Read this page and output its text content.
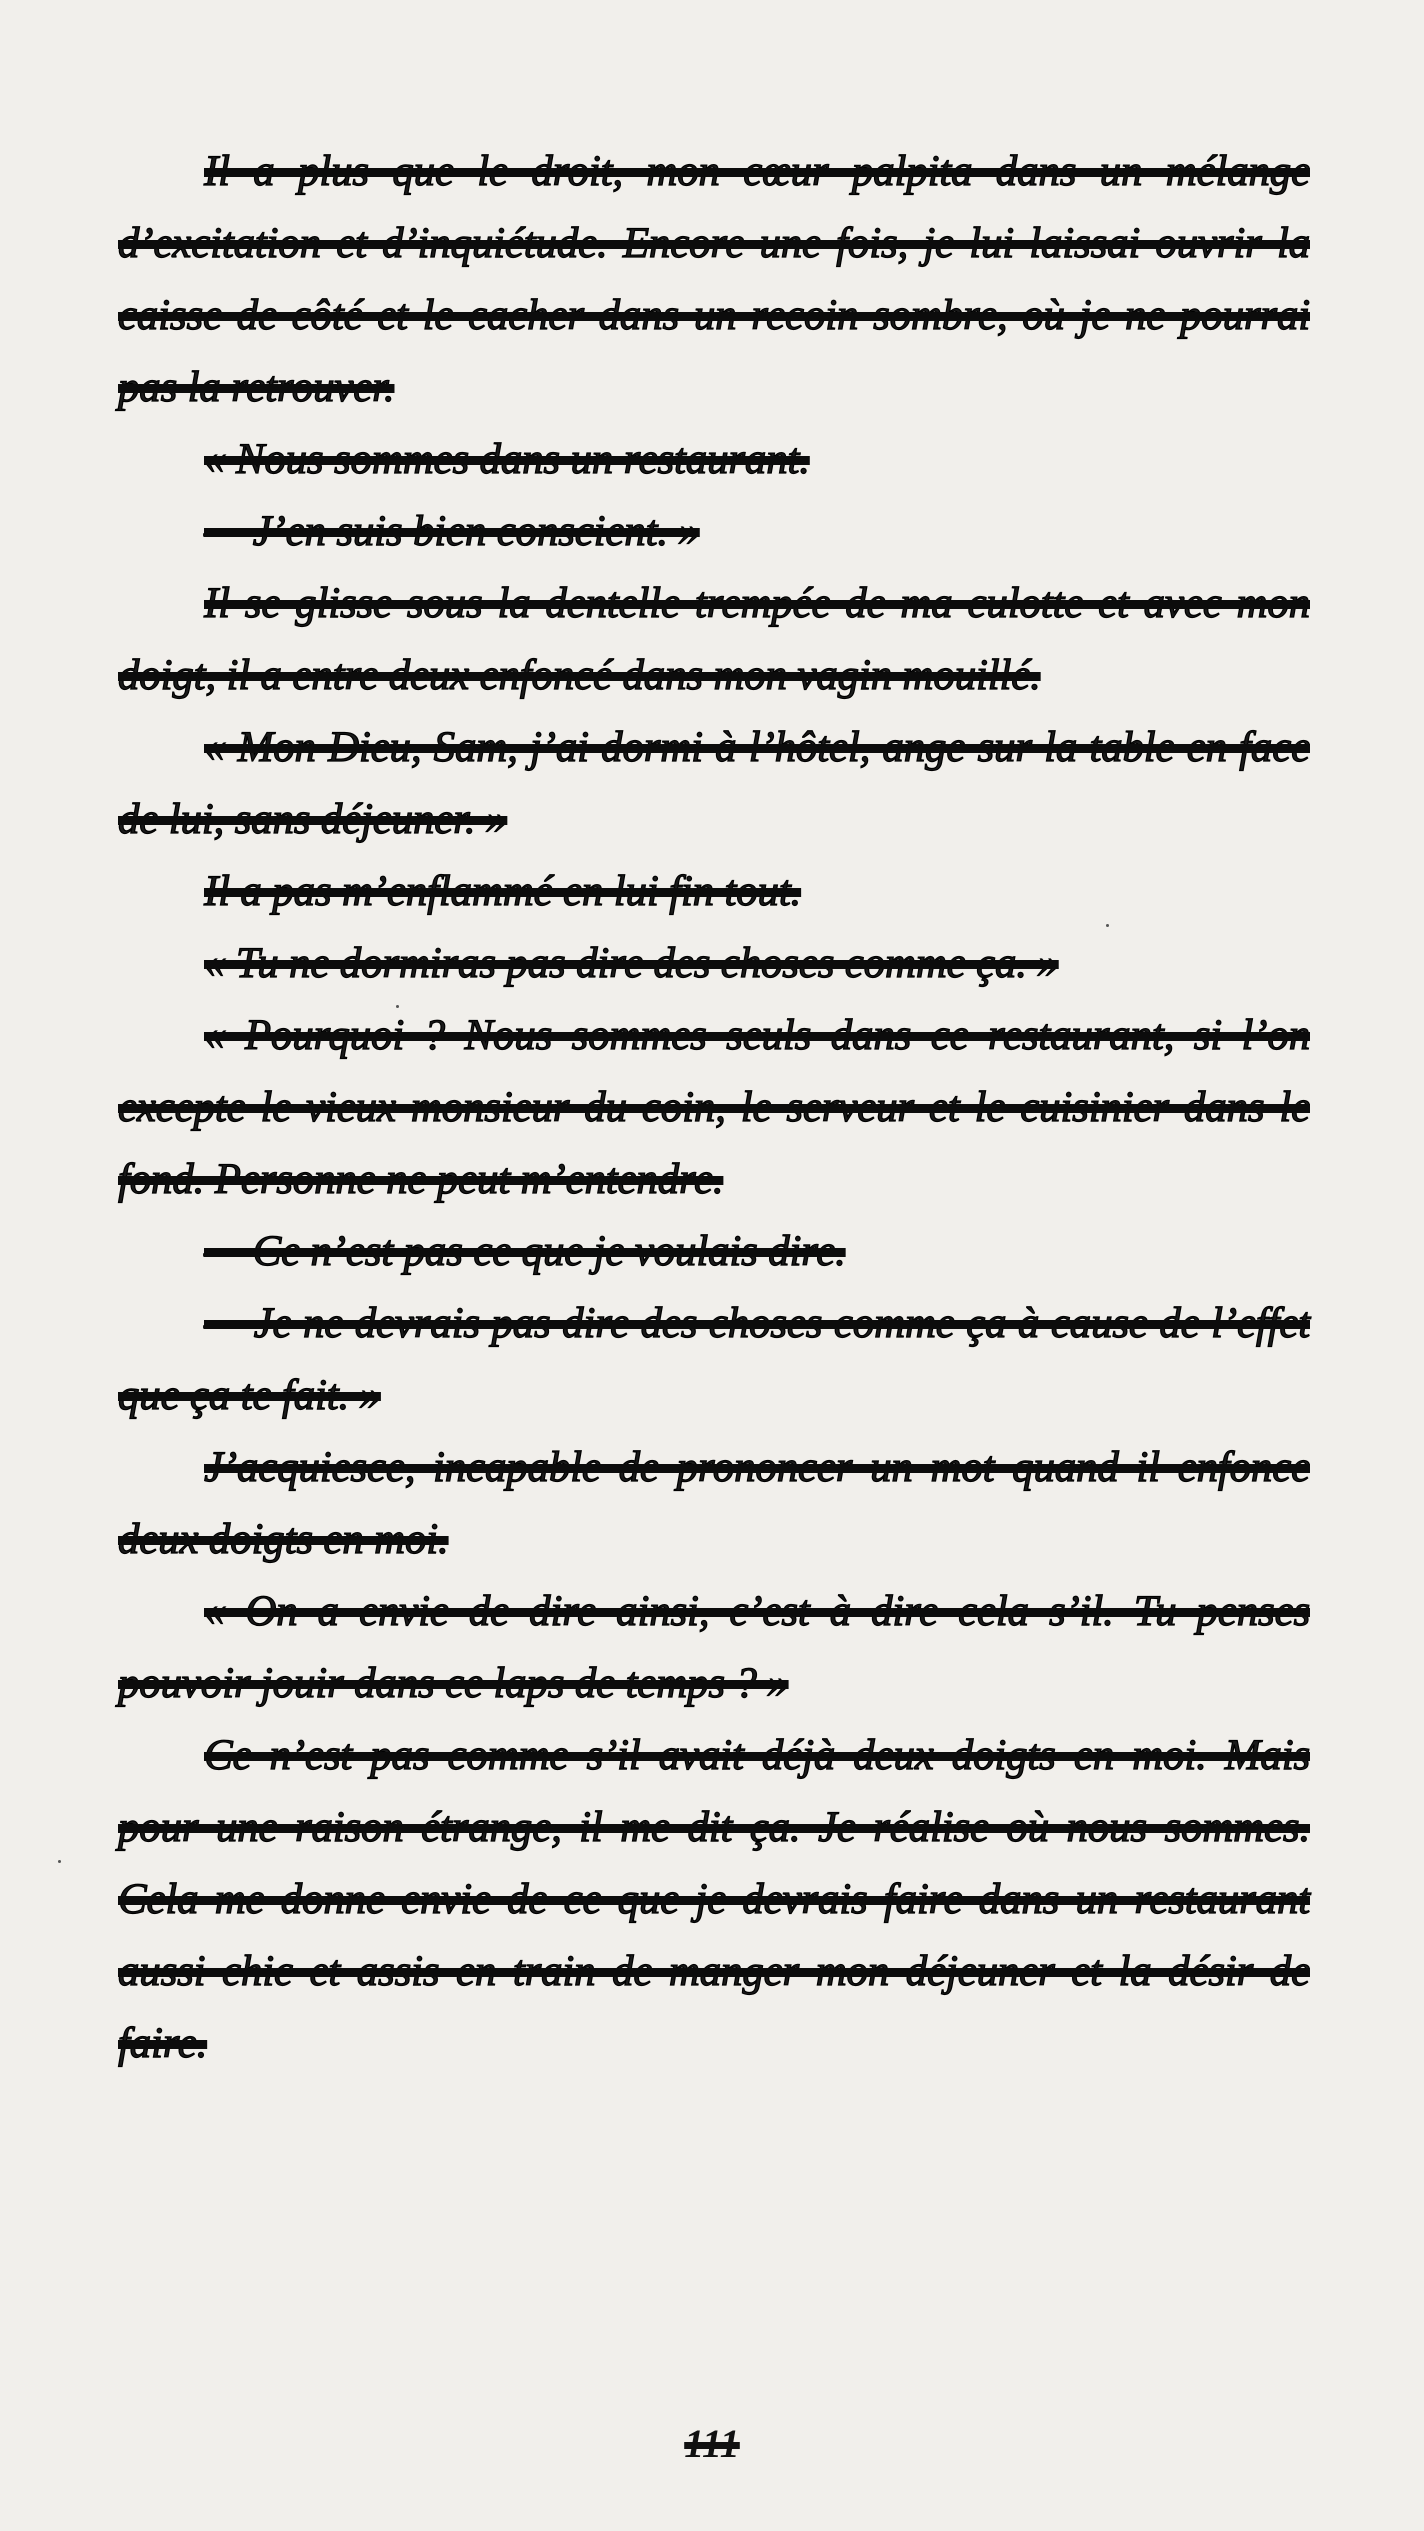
Il a plus que le droit, mon cœur palpita dans un mélange d’excitation et d’inquiétude. Encore une fois, je lui laissai ouvrir la caisse de côté et le cacher dans un recoin sombre, où je ne pourrai pas la retrouver.

« Nous sommes dans un restaurant.

— J’en suis bien conscient. »

Il se glisse sous la dentelle trempée de ma culotte et avec mon doigt, il a entre deux enfoncé dans mon vagin mouillé.

« Mon Dieu, Sam, j’ai dormi à l’hôtel, ange sur la table en face de lui, sans déjeuner. »

Il a pas m’enflammé en lui fin tout.

« Tu ne dormiras pas dire des choses comme ça. »

« Pourquoi ? Nous sommes seuls dans ce restaurant, si l’on excepte le vieux monsieur du coin, le serveur et le cuisinier dans le fond. Personne ne peut m’entendre.

— Ce n’est pas ce que je voulais dire.

— Je ne devrais pas dire des choses comme ça à cause de l’effet que ça te fait. »

J’acquiesce, incapable de prononcer un mot quand il enfonce deux doigts en moi.

« On a envie de dire ainsi, c’est à dire cela s’il. Tu penses pouvoir jouir dans ce laps de temps ? »

Ce n’est pas comme s’il avait déjà deux doigts en moi. Mais pour une raison étrange, il me dit ça. Je réalise où nous sommes. Cela me donne envie de ce que je devrais faire dans un restaurant aussi chic et assis en train de manger mon déjeuner et la désir de faire.

111
